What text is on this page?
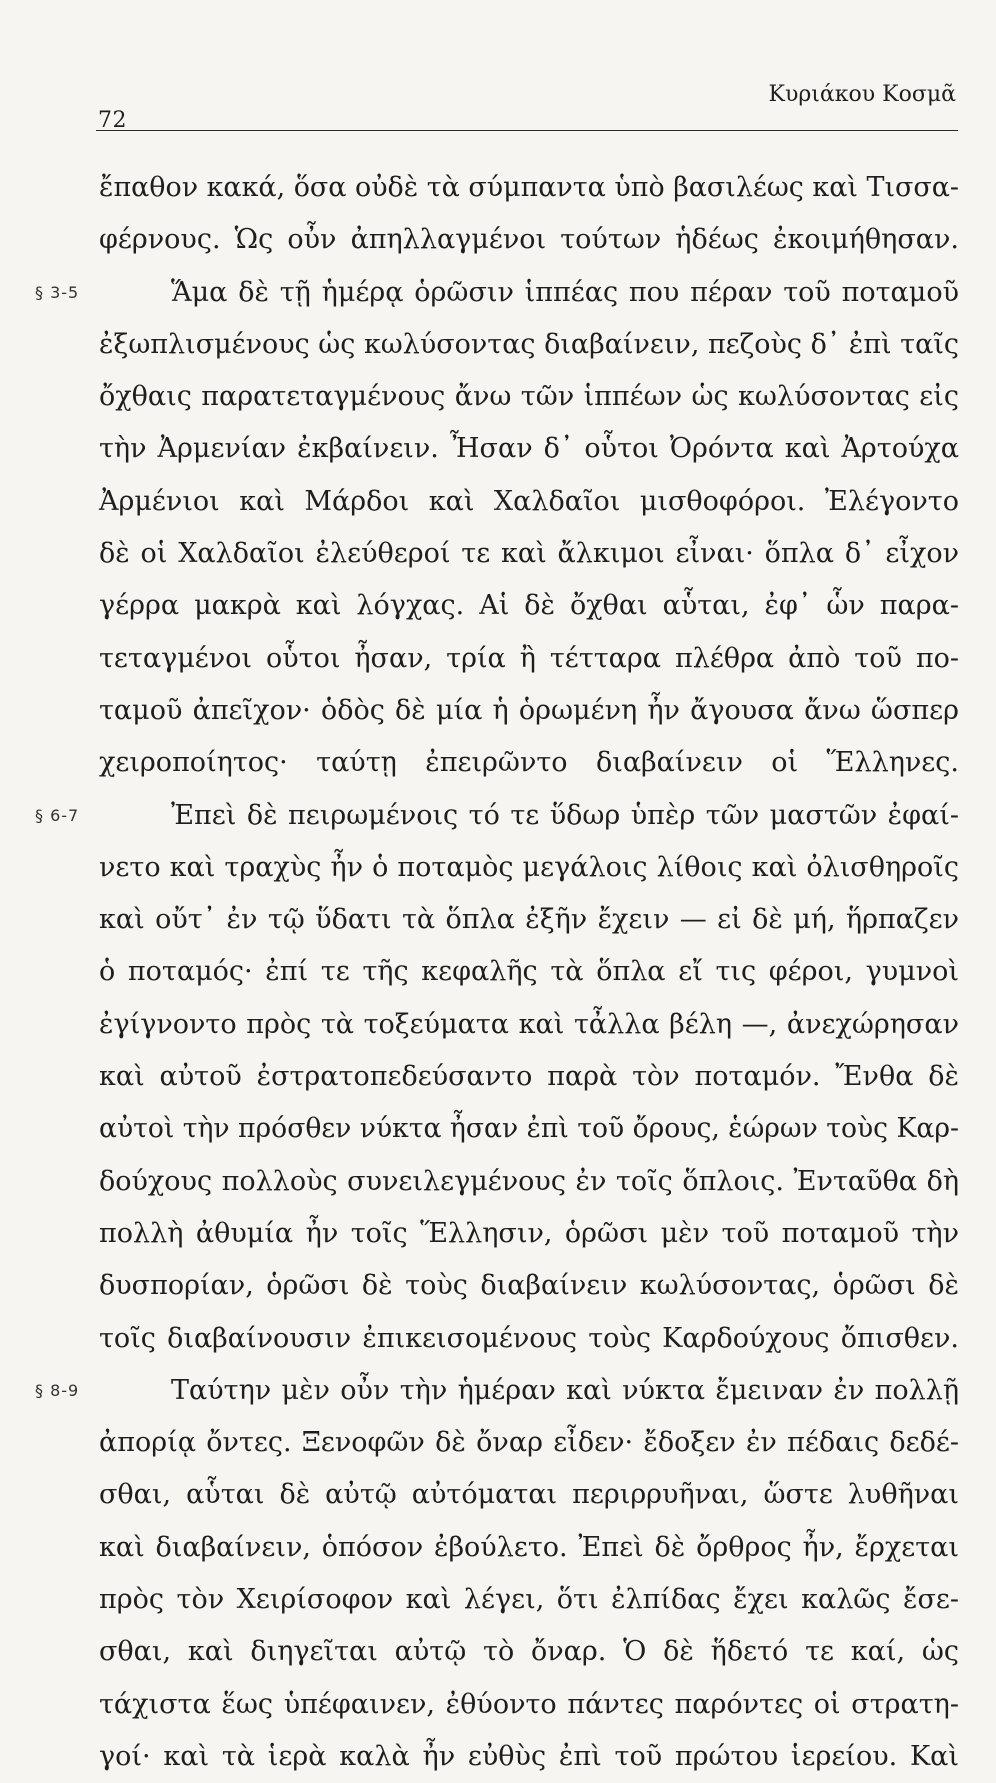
72
Κυριάκου Κοσμᾶ
ἔπαθον κακά, ὅσα οὐδὲ τὰ σύμπαντα ὑπὸ βασιλέως καὶ Τισσα-
φέρνους. Ὡς οὖν ἀπηλλαγμένοι τούτων ἡδέως ἐκοιμήθησαν.
§ 3-5	Ἅμα δὲ τῇ ἡμέρᾳ ὁρῶσιν ἱππέας που πέραν τοῦ ποταμοῦ
ἐξωπλισμένους ὡς κωλύσοντας διαβαίνειν, πεζοὺς δ᾽ ἐπὶ ταῖς
ὄχθαις παρατεταγμένους ἄνω τῶν ἱππέων ὡς κωλύσοντας εἰς
τὴν Ἀρμενίαν ἐκβαίνειν. Ἦσαν δ᾽ οὗτοι Ὀρόντα καὶ Ἀρτούχα
Ἀρμένιοι καὶ Μάρδοι καὶ Χαλδαῖοι μισθοφόροι. Ἐλέγοντο
δὲ οἱ Χαλδαῖοι ἐλεύθεροί τε καὶ ἄλκιμοι εἶναι· ὅπλα δ᾽ εἶχον
γέρρα μακρὰ καὶ λόγχας. Αἱ δὲ ὄχθαι αὗται, ἐφ᾽ ὧν παρα-
τεταγμένοι οὗτοι ἦσαν, τρία ἢ τέτταρα πλέθρα ἀπὸ τοῦ πο-
ταμοῦ ἀπεῖχον· ὁδὸς δὲ μία ἡ ὁρωμένη ἦν ἄγουσα ἄνω ὥσπερ
χειροποίητος· ταύτῃ ἐπειρῶντο διαβαίνειν οἱ Ἕλληνες.
§ 6-7	Ἐπεὶ δὲ πειρωμένοις τό τε ὕδωρ ὑπὲρ τῶν μαστῶν ἐφαί-
νετο καὶ τραχὺς ἦν ὁ ποταμὸς μεγάλοις λίθοις καὶ ὀλισθηροῖς
καὶ οὔτ᾽ ἐν τῷ ὕδατι τὰ ὅπλα ἐξῆν ἔχειν — εἰ δὲ μή, ἥρπαζεν
ὁ ποταμός· ἐπί τε τῆς κεφαλῆς τὰ ὅπλα εἴ τις φέροι, γυμνοὶ
ἐγίγνοντο πρὸς τὰ τοξεύματα καὶ τἆλλα βέλη —, ἀνεχώρησαν
καὶ αὐτοῦ ἐστρατοπεδεύσαντο παρὰ τὸν ποταμόν. Ἔνθα δὲ
αὐτοὶ τὴν πρόσθεν νύκτα ἦσαν ἐπὶ τοῦ ὄρους, ἑώρων τοὺς Καρ-
δούχους πολλοὺς συνειλεγμένους ἐν τοῖς ὅπλοις. Ἐνταῦθα δὴ
πολλὴ ἀθυμία ἦν τοῖς Ἕλλησιν, ὁρῶσι μὲν τοῦ ποταμοῦ τὴν
δυσπορίαν, ὁρῶσι δὲ τοὺς διαβαίνειν κωλύσοντας, ὁρῶσι δὲ
τοῖς διαβαίνουσιν ἐπικεισομένους τοὺς Καρδούχους ὄπισθεν.
§ 8-9	Ταύτην μὲν οὖν τὴν ἡμέραν καὶ νύκτα ἔμειναν ἐν πολλῇ
ἀπορίᾳ ὄντες. Ξενοφῶν δὲ ὄναρ εἶδεν· ἔδοξεν ἐν πέδαις δεδέ-
σθαι, αὗται δὲ αὐτῷ αὐτόμαται περιρρυῆναι, ὥστε λυθῆναι
καὶ διαβαίνειν, ὁπόσον ἐβούλετο. Ἐπεὶ δὲ ὄρθρος ἦν, ἔρχεται
πρὸς τὸν Χειρίσοφον καὶ λέγει, ὅτι ἐλπίδας ἔχει καλῶς ἔσε-
σθαι, καὶ διηγεῖται αὐτῷ τὸ ὄναρ. Ὁ δὲ ἥδετό τε καί, ὡς
τάχιστα ἕως ὑπέφαινεν, ἐθύοντο πάντες παρόντες οἱ στρατη-
γοί· καὶ τὰ ἱερὰ καλὰ ἦν εὐθὺς ἐπὶ τοῦ πρώτου ἱερείου. Καὶ
